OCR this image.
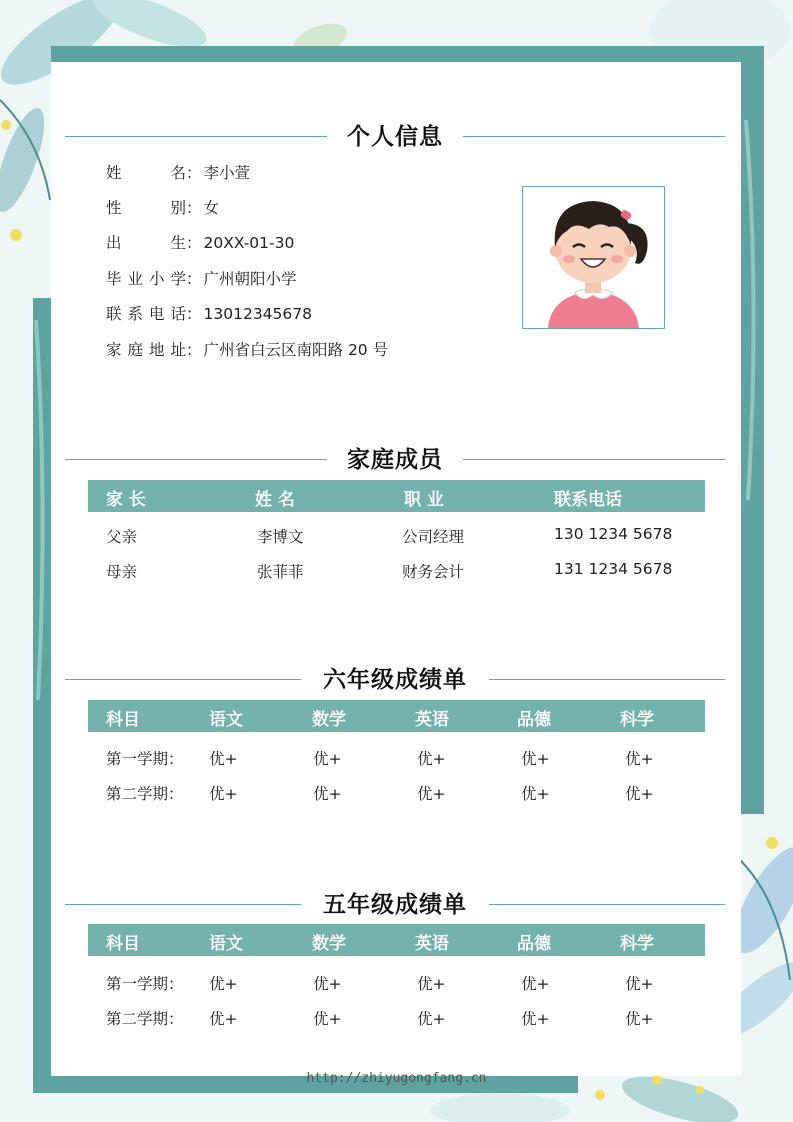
个人信息
姓名： 李小萱
性别： 女
出生： 20XX-01-30
毕业小学： 广州朝阳小学
联系电话： 13012345678
家庭地址： 广州省白云区南阳路 20 号
家庭成员
家 长	姓 名	职 业	联系电话
父亲	李博文	公司经理	130 1234 5678
母亲	张菲菲	财务会计	131 1234 5678
六年级成绩单
科目	语文	数学	英语	品德	科学
第一学期： 优+	优+	优+	优+	优+
第二学期： 优+	优+	优+	优+	优+
五年级成绩单
科目	语文	数学	英语	品德	科学
第一学期： 优+	优+	优+	优+	优+
第二学期： 优+	优+	优+	优+	优+
http://zhiyugongfang.cn
